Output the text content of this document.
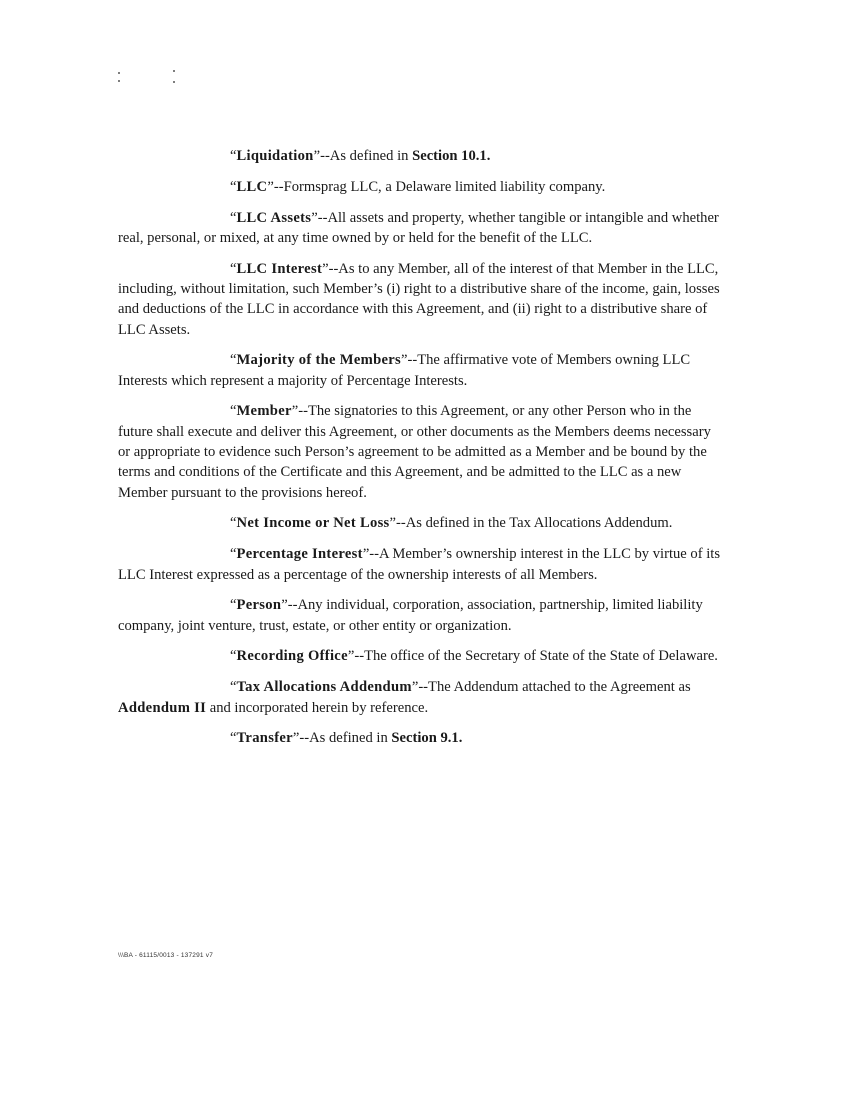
“Liquidation”--As defined in Section 10.1.

“LLC”--Formsprag LLC, a Delaware limited liability company.

“LLC Assets”--All assets and property, whether tangible or intangible and whether real, personal, or mixed, at any time owned by or held for the benefit of the LLC.

“LLC Interest”--As to any Member, all of the interest of that Member in the LLC, including, without limitation, such Member’s (i) right to a distributive share of the income, gain, losses and deductions of the LLC in accordance with this Agreement, and (ii) right to a distributive share of LLC Assets.

“Majority of the Members”--The affirmative vote of Members owning LLC Interests which represent a majority of Percentage Interests.

“Member”--The signatories to this Agreement, or any other Person who in the future shall execute and deliver this Agreement, or other documents as the Members deems necessary or appropriate to evidence such Person’s agreement to be admitted as a Member and be bound by the terms and conditions of the Certificate and this Agreement, and be admitted to the LLC as a new Member pursuant to the provisions hereof.

“Net Income or Net Loss”--As defined in the Tax Allocations Addendum.

“Percentage Interest”--A Member’s ownership interest in the LLC by virtue of its LLC Interest expressed as a percentage of the ownership interests of all Members.

“Person”--Any individual, corporation, association, partnership, limited liability company, joint venture, trust, estate, or other entity or organization.

“Recording Office”--The office of the Secretary of State of the State of Delaware.

“Tax Allocations Addendum”--The Addendum attached to the Agreement as Addendum II and incorporated herein by reference.

“Transfer”--As defined in Section 9.1.

\\\BA - 61115/0013 - 137291 v7
